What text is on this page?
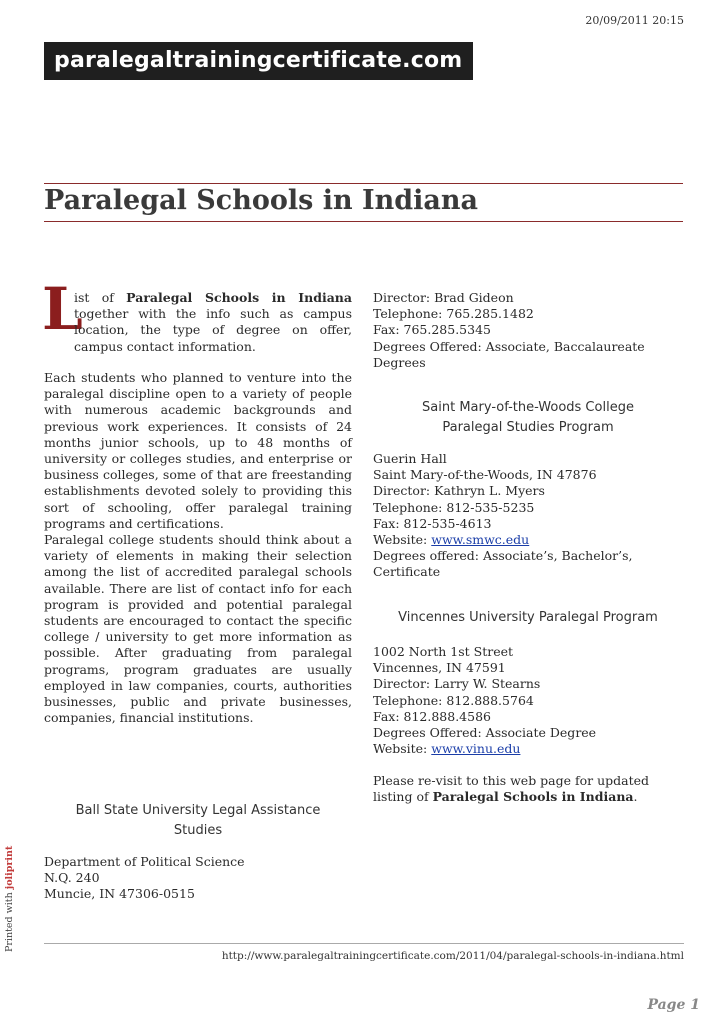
20/09/2011 20:15
paralegaltrainingcertificate.com
Paralegal Schools in Indiana
L
ist of Paralegal Schools in Indiana together with the info such as campus location, the type of degree on offer, campus contact information.
Each students who planned to venture into the paralegal discipline open to a variety of people with numerous academic backgrounds and previous work experiences. It consists of 24 months junior schools, up to 48 months of university or colleges studies, and enterprise or business colleges, some of that are freestanding establishments devoted solely to providing this sort of schooling, offer paralegal training programs and certifications.
Paralegal college students should think about a variety of elements in making their selection among the list of accredited paralegal schools available. There are list of contact info for each program is provided and potential paralegal students are encouraged to contact the specific college / university to get more information as possible. After graduating from paralegal programs, program graduates are usually employed in law companies, courts, authorities businesses, public and private businesses, companies, financial institutions.
Ball State University Legal Assistance
Studies
Department of Political Science
N.Q. 240
Muncie, IN 47306-0515
Director: Brad Gideon
Telephone: 765.285.1482
Fax: 765.285.5345
Degrees Offered: Associate, Baccalaureate Degrees
Saint Mary-of-the-Woods College
Paralegal Studies Program
Guerin Hall
Saint Mary-of-the-Woods, IN 47876
Director: Kathryn L. Myers
Telephone: 812-535-5235
Fax: 812-535-4613
Website: www.smwc.edu
Degrees offered: Associate’s, Bachelor’s, Certificate
Vincennes University Paralegal Program
1002 North 1st Street
Vincennes, IN 47591
Director: Larry W. Stearns
Telephone: 812.888.5764
Fax: 812.888.4586
Degrees Offered: Associate Degree
Website: www.vinu.edu
Please re-visit to this web page for updated listing of Paralegal Schools in Indiana.
Printed with joliprint
http://www.paralegaltrainingcertificate.com/2011/04/paralegal-schools-in-indiana.html
Page 1
